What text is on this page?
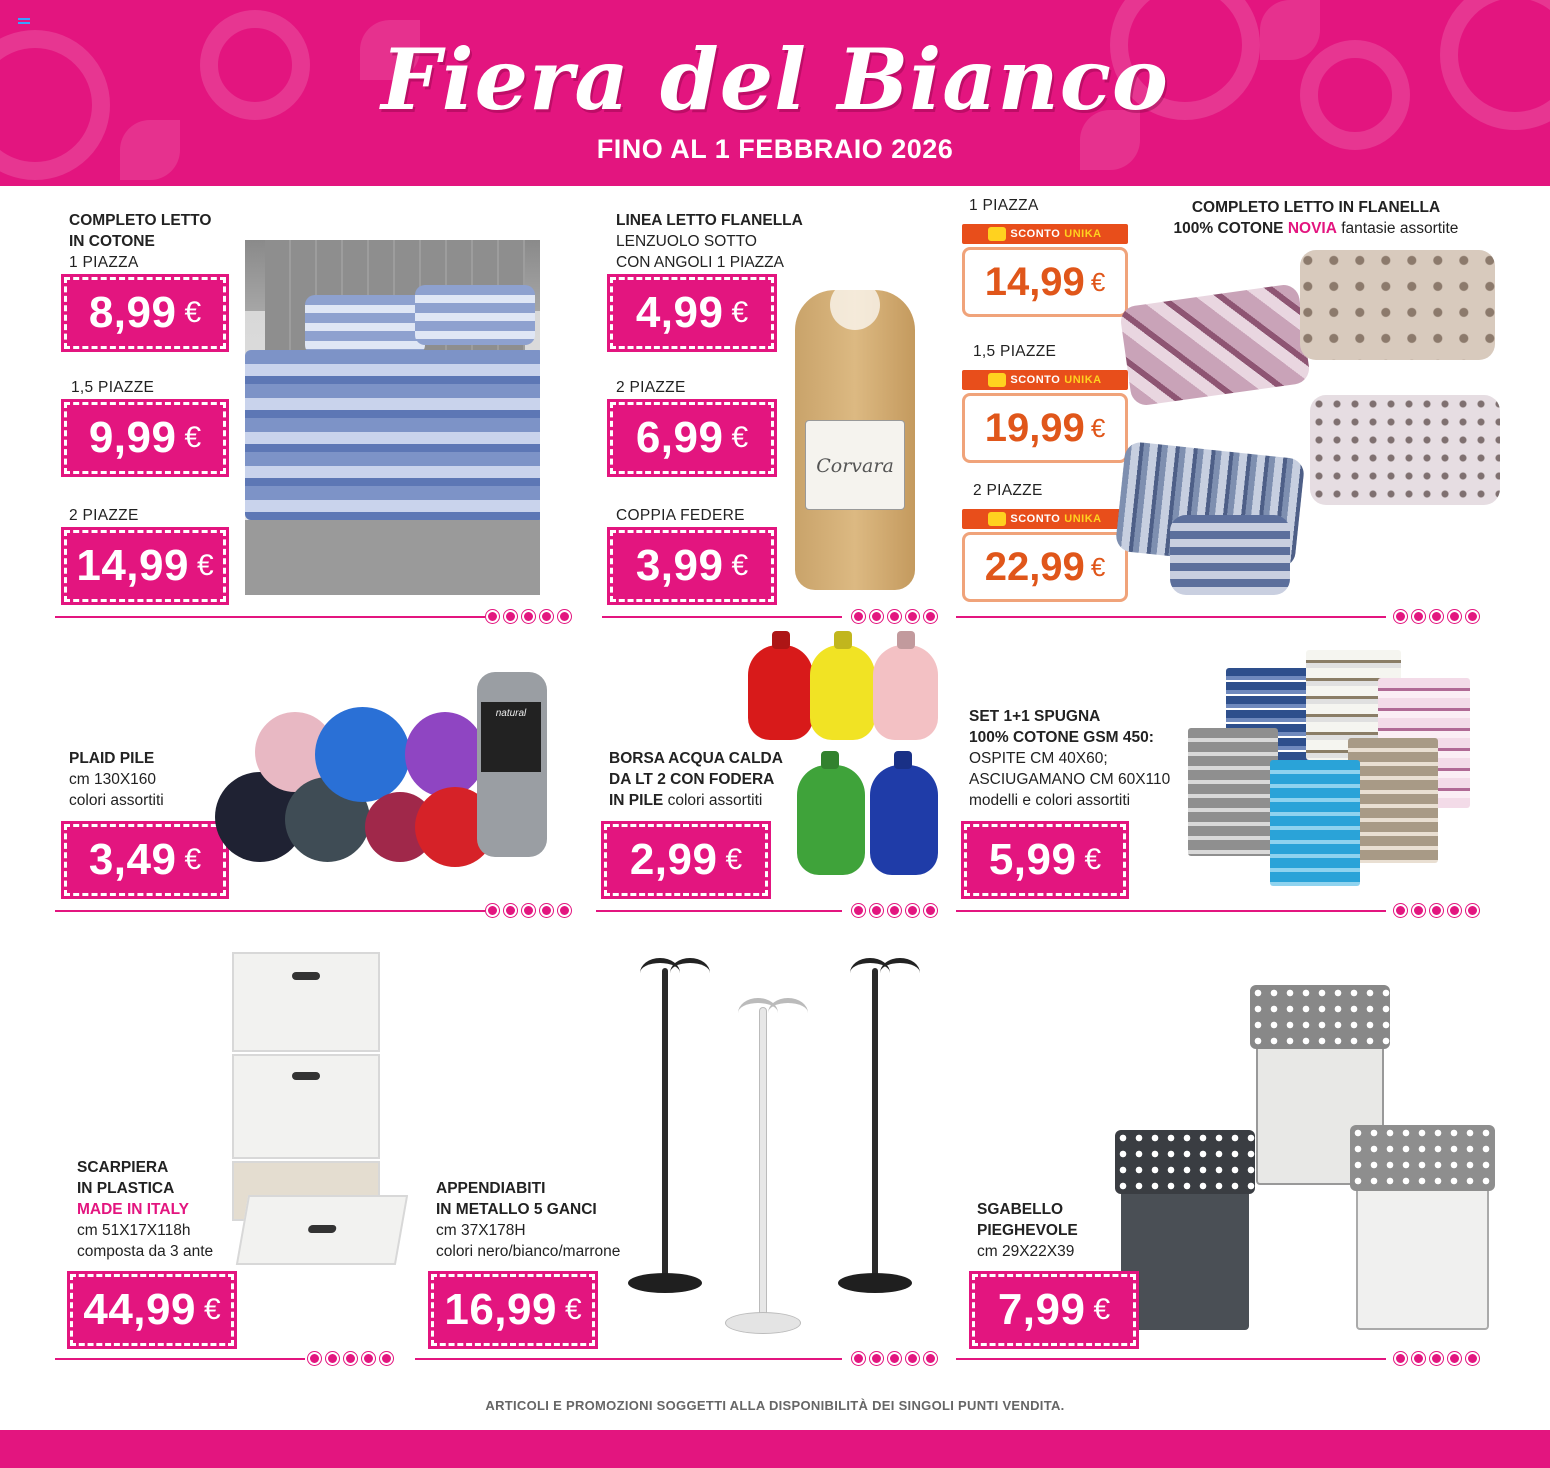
Fiera del Bianco
FINO AL 1 FEBBRAIO 2026
COMPLETO LETTO
IN COTONE
1 PIAZZA
8,99 €
1,5 PIAZZE
9,99 €
2 PIAZZE
14,99 €
LINEA LETTO FLANELLA
LENZUOLO SOTTO
CON ANGOLI 1 PIAZZA
4,99 €
2 PIAZZE
6,99 €
COPPIA FEDERE
3,99 €
Corvara
COMPLETO LETTO IN FLANELLA
100% COTONE NOVIA fantasie assortite
1 PIAZZA
SCONTO UNIKA
14,99 €
1,5 PIAZZE
SCONTO UNIKA
19,99 €
2 PIAZZE
SCONTO UNIKA
22,99 €
PLAID PILE
cm 130X160
colori assortiti
3,49 €
natural
BORSA ACQUA CALDA
DA LT 2 CON FODERA
IN PILE colori assortiti
2,99 €
SET 1+1 SPUGNA
100% COTONE GSM 450:
OSPITE CM 40X60;
ASCIUGAMANO CM 60X110
modelli e colori assortiti
5,99 €
SCARPIERA
IN PLASTICA
MADE IN ITALY
cm 51X17X118h
composta da 3 ante
44,99 €
APPENDIABITI
IN METALLO 5 GANCI
cm 37X178H
colori nero/bianco/marrone
16,99 €
SGABELLO
PIEGHEVOLE
cm 29X22X39
7,99 €
ARTICOLI E PROMOZIONI SOGGETTI ALLA DISPONIBILITÀ DEI SINGOLI PUNTI VENDITA.
